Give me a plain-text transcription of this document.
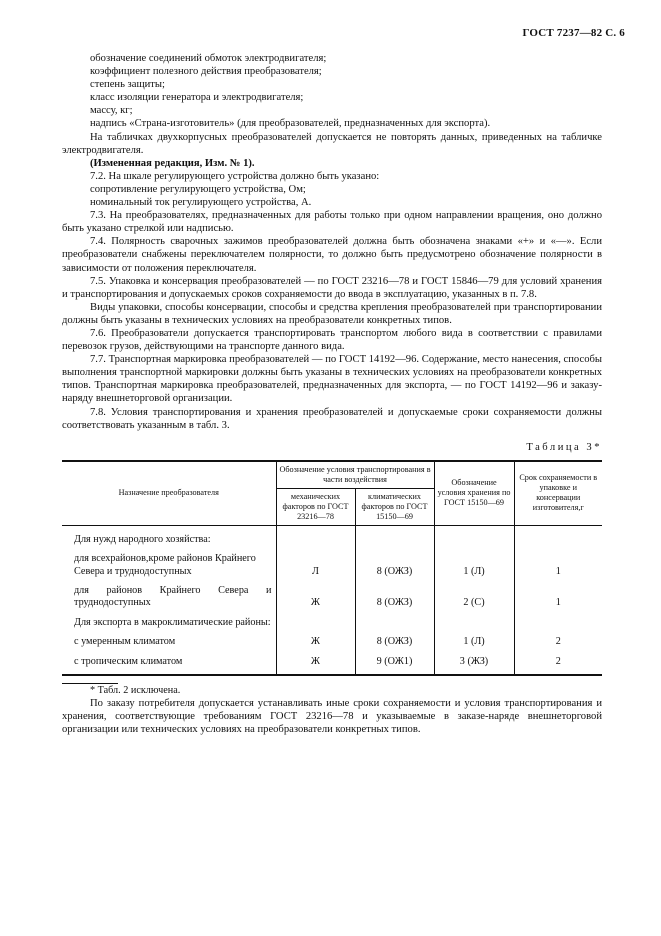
ГОСТ 7237—82 С. 6

обозначение соединений обмоток электродвигателя;

коэффициент полезного действия преобразователя;

степень защиты;

класс изоляции генератора и электродвигателя;

массу, кг;

надпись «Страна-изготовитель» (для преобразователей, предназначенных для экспорта).

На табличках двухкорпусных преобразователей допускается не повторять данных, приведенных на табличке электродвигателя.

(Измененная редакция, Изм. № 1).

7.2. На шкале регулирующего устройства должно быть указано:

сопротивление регулирующего устройства, Ом;

номинальный ток регулирующего устройства, А.

7.3. На преобразователях, предназначенных для работы только при одном направлении вращения, оно должно быть указано стрелкой или надписью.

7.4. Полярность сварочных зажимов преобразователей должна быть обозначена знаками «+» и «—». Если преобразователи снабжены переключателем полярности, то должно быть предусмотрено обозначение полярности в зависимости от положения переключателя.

7.5. Упаковка и консервация преобразователей — по ГОСТ 23216—78 и ГОСТ 15846—79 для условий хранения и транспортирования и допускаемых сроков сохраняемости до ввода в эксплуатацию, указанных в п. 7.8.

Виды упаковки, способы консервации, способы и средства крепления преобразователей при транспортировании должны быть указаны в технических условиях на преобразователи конкретных типов.

7.6. Преобразователи допускается транспортировать транспортом любого вида в соответствии с правилами перевозок грузов, действующими на транспорте данного вида.

7.7. Транспортная маркировка преобразователей — по ГОСТ 14192—96. Содержание, место нанесения, способы выполнения транспортной маркировки должны быть указаны в технических условиях на преобразователи конкретных типов. Транспортная маркировка преобразователей, предназначенных для экспорта, — по ГОСТ 14192—96 и заказу-наряду внешнеторговой организации.

7.8. Условия транспортирования и хранения преобразователей и допускаемые сроки сохраняемости должны соответствовать указанным в табл. 3.

Таблица 3*
Назначение преобразователя	Обозначение условия транспортирования в части воздействия		Обозначение условия хранения по ГОСТ 15150—69	Срок сохраняемости в упаковке и консервации изготовителя,г
	механических факторов по ГОСТ 23216—78	климатических факторов по ГОСТ 15150—69		
Для нужд народного хозяйства:				
для всехрайонов,кроме районов Крайнего Севера и труднодоступных	Л	8 (ОЖЗ)	1 (Л)	1
для районов Крайнего Севера и труднодоступных	Ж	8 (ОЖЗ)	2 (С)	1
Для экспорта в макроклиматические районы:				
с умеренным климатом	Ж	8 (ОЖЗ)	1 (Л)	2
с тропическим климатом	Ж	9 (ОЖ1)	3 (ЖЗ)	2

* Табл. 2 исключена.

По заказу потребителя допускается устанавливать иные сроки сохраняемости и условия транспортирования и хранения, соответствующие требованиям ГОСТ 23216—78 и указываемые в заказе-наряде внешнеторговой организации или технических условиях на преобразователи конкретных типов.
